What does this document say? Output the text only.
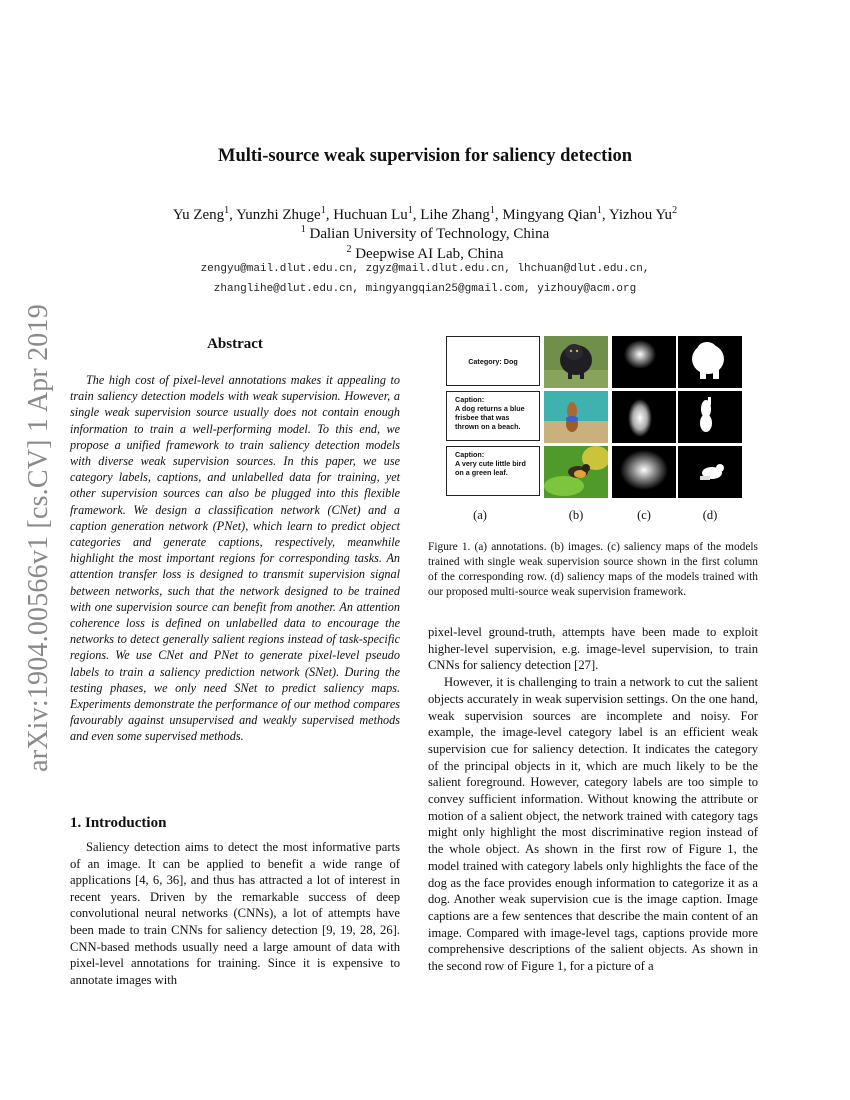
arXiv:1904.00566v1 [cs.CV] 1 Apr 2019
Multi-source weak supervision for saliency detection
Yu Zeng$^1$, Yunzhi Zhuge$^1$, Huchuan Lu$^1$, Lihe Zhang$^1$, Mingyang Qian$^1$, Yizhou Yu$^2$
$^1$ Dalian University of Technology, China
$^2$ Deepwise AI Lab, China
zengyu@mail.dlut.edu.cn, zgyz@mail.dlut.edu.cn, lhchuan@dlut.edu.cn,
zhanglihe@dlut.edu.cn, mingyangqian25@gmail.com, yizhouy@acm.org
Abstract

The high cost of pixel-level annotations makes it appealing to train saliency detection models with weak supervision. However, a single weak supervision source usually does not contain enough information to train a well-performing model. To this end, we propose a unified framework to train saliency detection models with diverse weak supervision sources. In this paper, we use category labels, captions, and unlabelled data for training, yet other supervision sources can also be plugged into this flexible framework. We design a classification network (CNet) and a caption generation network (PNet), which learn to predict object categories and generate captions, respectively, meanwhile highlight the most important regions for corresponding tasks. An attention transfer loss is designed to transmit supervision signal between networks, such that the network designed to be trained with one supervision source can benefit from another. An attention coherence loss is defined on unlabelled data to encourage the networks to detect generally salient regions instead of task-specific regions. We use CNet and PNet to generate pixel-level pseudo labels to train a saliency prediction network (SNet). During the testing phases, we only need SNet to predict saliency maps. Experiments demonstrate the performance of our method compares favourably against unsupervised and weakly supervised methods and even some supervised methods.

1. Introduction

Saliency detection aims to detect the most informative parts of an image. It can be applied to benefit a wide range of applications [4, 6, 36], and thus has attracted a lot of interest in recent years. Driven by the remarkable success of deep convolutional neural networks (CNNs), a lot of attempts have been made to train CNNs for saliency detection [9, 19, 28, 26]. CNN-based methods usually need a large amount of data with pixel-level annotations for training. Since it is expensive to annotate images with

Category: Dog
Caption:
A dog returns a blue frisbee that was thrown on a beach.
Caption:
A very cute little bird on a green leaf.
(a)	(b)	(c)	(d)

Figure 1. (a) annotations. (b) images. (c) saliency maps of the models trained with single weak supervision source shown in the first column of the corresponding row. (d) saliency maps of the models trained with our proposed multi-source weak supervision framework.

pixel-level ground-truth, attempts have been made to exploit higher-level supervision, e.g. image-level supervision, to train CNNs for saliency detection [27].

However, it is challenging to train a network to cut the salient objects accurately in weak supervision settings. On the one hand, weak supervision sources are incomplete and noisy. For example, the image-level category label is an efficient weak supervision cue for saliency detection. It indicates the category of the principal objects in it, which are much likely to be the salient foreground. However, category labels are too simple to convey sufficient information. Without knowing the attribute or motion of a salient object, the network trained with category tags might only highlight the most discriminative region instead of the whole object. As shown in the first row of Figure 1, the model trained with category labels only highlights the face of the dog as the face provides enough information to categorize it as a dog. Another weak supervision cue is the image caption. Image captions are a few sentences that describe the main content of an image. Compared with image-level tags, captions provide more comprehensive descriptions of the salient objects. As shown in the second row of Figure 1, for a picture of a
